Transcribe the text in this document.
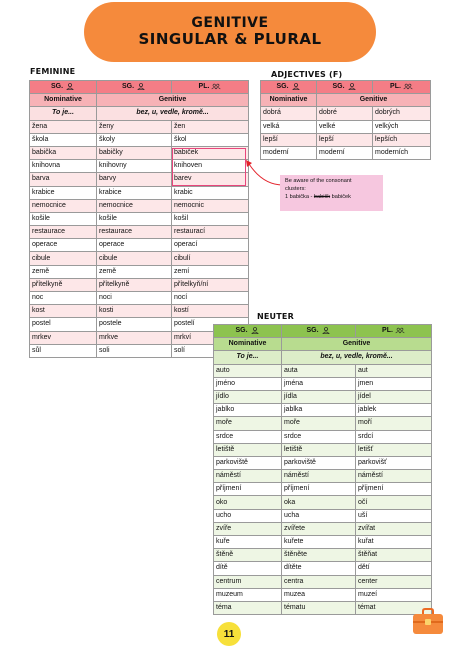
GENITIVE
SINGULAR & PLURAL
FEMININE	ADJECTIVES (F)
NEUTER
SG.	SG.	PL.

Nominative	Genitive	
To je...	bez, u, vedle, kromě...	
žena	ženy	žen
škola	školy	škol
babička	babičky	babiček
knihovna	knihovny	knihoven
barva	barvy	barev
krabice	krabice	krabic
nemocnice	nemocnice	nemocnic
košile	košile	košil
restaurace	restaurace	restaurací
operace	operace	operací
cibule	cibule	cibulí
země	země	zemí
přítelkyně	přítelkyně	přítelkyň/ní
noc	noci	nocí
kost	kosti	kostí
postel	postele	postelí
mrkev	mrkve	mrkví
sůl	soli	solí
Be aware of the consonant
clusters:
1 babička - babičk babiček
SG.	SG.	PL.

Nominative	Genitive	
dobrá	dobré	dobrých
velká	velké	velkých
lepší	lepší	lepších
moderní	moderní	moderních
SG.	SG.	PL.

Nominative	Genitive	
To je...	bez, u, vedle, kromě...	
auto	auta	aut
jméno	jména	jmen
jídlo	jídla	jídel
jablko	jablka	jablek
moře	moře	moří
srdce	srdce	srdcí
letiště	letiště	letišť
parkoviště	parkoviště	parkovišť
náměstí	náměstí	náměstí
příjmení	příjmení	příjmení
oko	oka	očí
ucho	ucha	uší
zvíře	zvířete	zvířat
kuře	kuřete	kuřat
štěně	štěněte	štěňat
dítě	dítěte	dětí
centrum	centra	center
muzeum	muzea	muzeí
téma	tématu	témat
11
